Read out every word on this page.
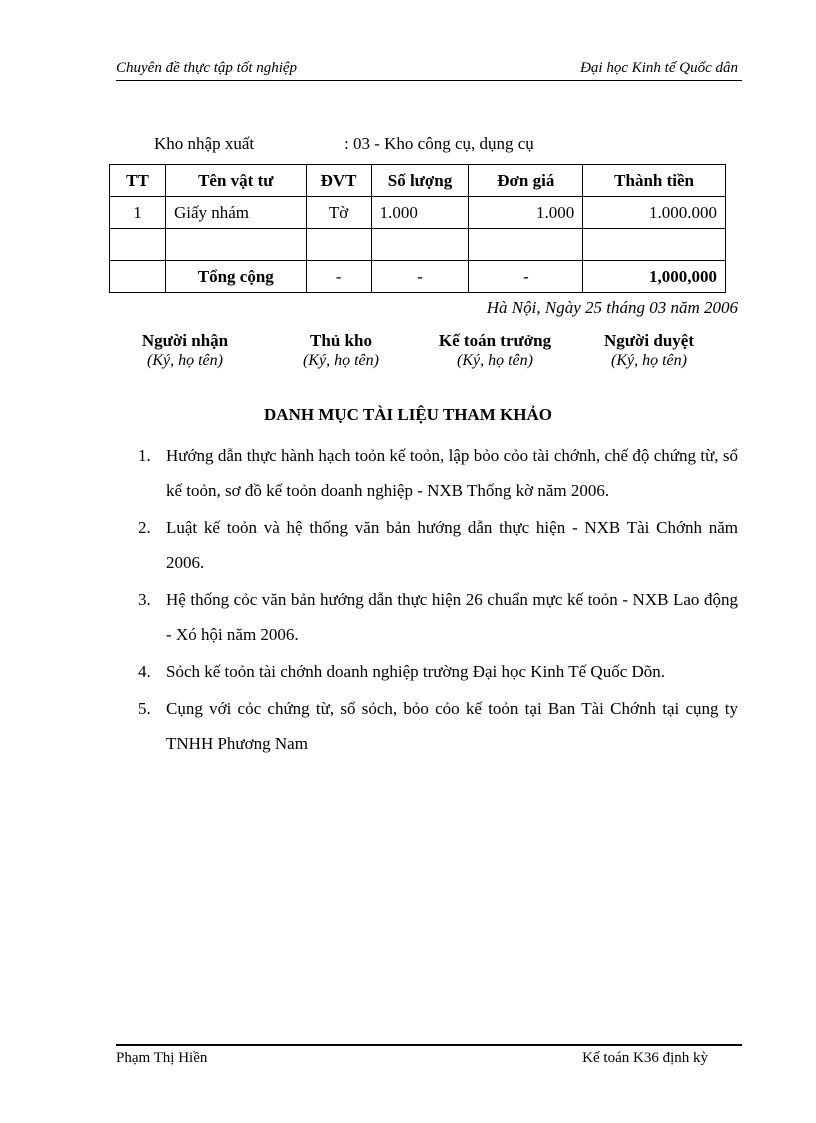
Chuyên đề thực tập tốt nghiệp	Đại học Kinh tế Quốc dân
Kho nhập xuất	: 03 - Kho công cụ, dụng cụ
TT	Tên vật tư	ĐVT	Số lượng	Đơn giá	Thành tiền
1	Giấy nhám	Tờ	1.000	1.000	1.000.000

	Tổng cộng	-	-	-	1,000,000
Hà Nội, Ngày 25 tháng 03 năm 2006
Người nhận
(Ký, họ tên)
Thủ kho
(Ký, họ tên)
Kế toán trưởng
(Ký, họ tên)
Người duyệt
(Ký, họ tên)
DANH MỤC TÀI LIỆU THAM KHẢO
1. Hướng dẫn thực hành hạch toỏn kế toỏn, lập bỏo cỏo tài chớnh, chế độ chứng từ, sổ kế toỏn, sơ đồ kế toỏn doanh nghiệp - NXB Thống kờ năm 2006.
2. Luật kế toỏn và hệ thống văn bản hướng dẫn thực hiện - NXB Tài Chớnh năm 2006.
3. Hệ thống cỏc văn bản hướng dẫn thực hiện 26 chuẩn mực kế toỏn - NXB Lao động - Xó hội năm 2006.
4. Sỏch kế toỏn tài chớnh doanh nghiệp trường Đại học Kinh Tế Quốc Dõn.
5. Cụng với cỏc chứng từ, sổ sỏch, bỏo cỏo kế toỏn tại Ban Tài Chớnh tại cụng ty TNHH Phương Nam
Phạm Thị Hiền	Kế toán K36 định kỳ
